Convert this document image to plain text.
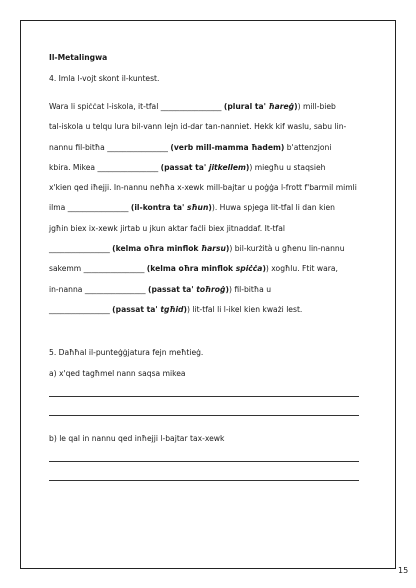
Il-Metalingwa
4. Imla l-vojt skont il-kuntest.

Wara li spiċċat l-iskola, it-tfal ________________ (plural ta' ħareġ)) mill-bieb

tal-iskola u telqu lura bil-vann lejn id-dar tan-nanniet. Hekk kif waslu, sabu lin-

nannu fil-bitħa ________________ (verb mill-mamma ħadem) b'attenzjoni

kbira. Mikea ________________ (passat ta' jitkellem)) miegħu u staqsieh

x'kien qed iħejji. In-nannu neħħa x-xewk mill-bajtar u poġġa l-frott f'barmil mimli

ilma ________________ (il-kontra ta' sħun)). Huwa spjega lit-tfal li dan kien

jgħin biex ix-xewk jirtab u jkun aktar faċli biex jitnaddaf. It-tfal

________________ (kelma oħra minflok ħarsu)) bil-kurżità u għenu lin-nannu

sakemm ________________ (kelma oħra minflok spiċċa)) xogħlu. Ftit wara,

in-nanna ________________ (passat ta' toħroġ)) fil-bitħa u

________________ (passat ta' tgħid)) lit-tfal li l-ikel kien kważi lest.

5. Daħħal il-punteġġjatura fejn meħtieġ.
a) x'qed tagħmel nann saqsa mikea
b) le qal in nannu qed inħejji l-bajtar tax-xewk
15
